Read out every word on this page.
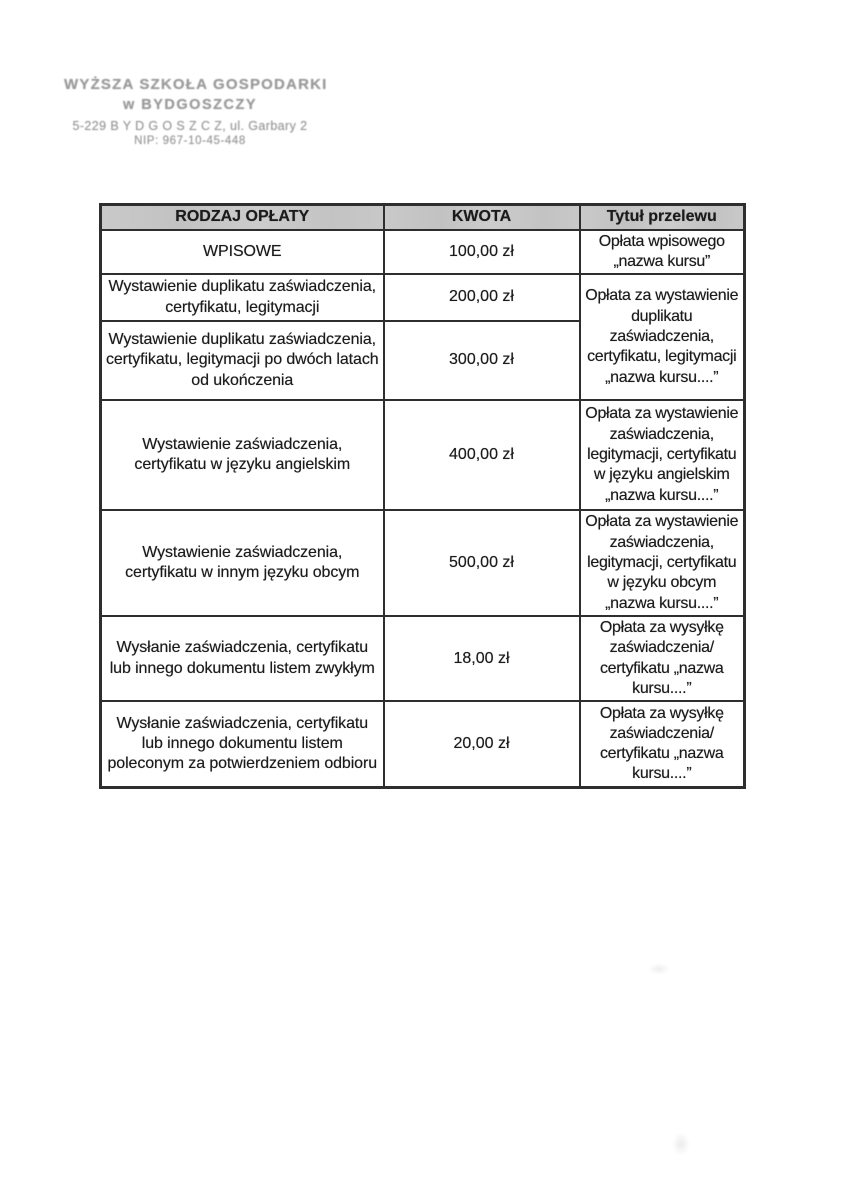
WYŻSZA SZKOŁA GOSPODARKI
w BYDGOSZCZY
5-229 B Y D G O S Z C Z, ul. Garbary 2
NIP: 967-10-45-448
RODZAJ OPŁATY	KWOTA	Tytuł przelewu
WPISOWE	100,00 zł	Opłata wpisowego „nazwa kursu”
Wystawienie duplikatu zaświadczenia, certyfikatu, legitymacji	200,00 zł	Opłata za wystawienie duplikatu zaświadczenia, certyfikatu, legitymacji „nazwa kursu....”
Wystawienie duplikatu zaświadczenia, certyfikatu, legitymacji po dwóch latach od ukończenia	300,00 zł	
Wystawienie zaświadczenia, certyfikatu w języku angielskim	400,00 zł	Opłata za wystawienie zaświadczenia, legitymacji, certyfikatu w języku angielskim „nazwa kursu....”
Wystawienie zaświadczenia, certyfikatu w innym języku obcym	500,00 zł	Opłata za wystawienie zaświadczenia, legitymacji, certyfikatu w języku obcym „nazwa kursu....”
Wysłanie zaświadczenia, certyfikatu lub innego dokumentu listem zwykłym	18,00 zł	Opłata za wysyłkę zaświadczenia/ certyfikatu „nazwa kursu....”
Wysłanie zaświadczenia, certyfikatu lub innego dokumentu listem poleconym za potwierdzeniem odbioru	20,00 zł	Opłata za wysyłkę zaświadczenia/ certyfikatu „nazwa kursu....”
